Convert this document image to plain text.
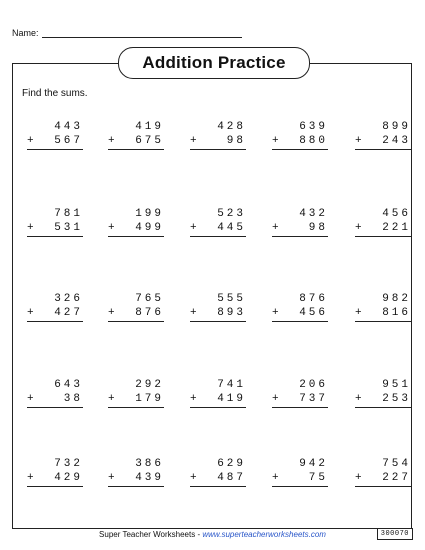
Name:
Addition Practice
Find the sums.
443
+ 567
419
+ 675
428
+	98
639
+ 880
899
+ 243
781
+ 531
199
+ 499
523
+ 445
432
+	98
456
+ 221
326
+ 427
765
+ 876
555
+ 893
876
+ 456
982
+ 816
643
+	38
292
+ 179
741
+ 419
206
+ 737
951
+ 253
732
+ 429
386
+ 439
629
+ 487
942
+	75
754
+ 227
Super Teacher Worksheets - www.superteacherworksheets.com	300070
